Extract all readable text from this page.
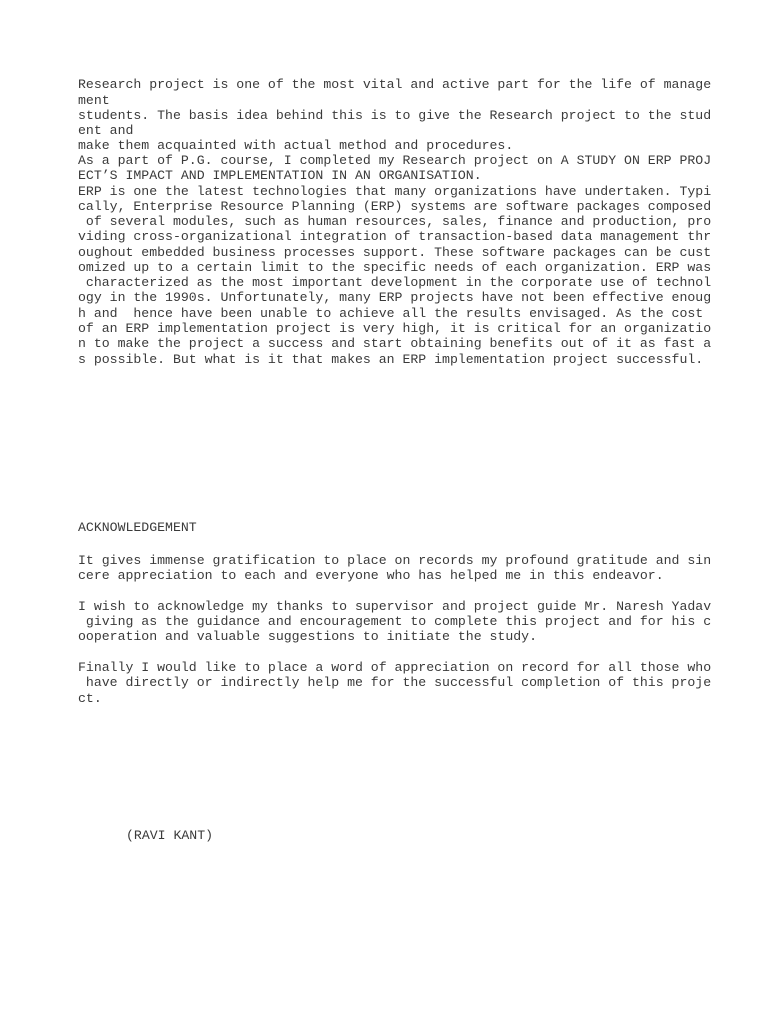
Research project is one of the most vital and active part for the life of manage

ment

students. The basis idea behind this is to give the Research project to the stud

ent and

make them acquainted with actual method and procedures.

As a part of P.G. course, I completed my Research project on A STUDY ON ERP PROJ

ECT’S IMPACT AND IMPLEMENTATION IN AN ORGANISATION.

ERP is one the latest technologies that many organizations have undertaken. Typi

cally, Enterprise Resource Planning (ERP) systems are software packages composed

of several modules, such as human resources, sales, finance and production, pro

viding cross-organizational integration of transaction-based data management thr

oughout embedded business processes support. These software packages can be cust

omized up to a certain limit to the specific needs of each organization. ERP was

characterized as the most important development in the corporate use of technol

ogy in the 1990s. Unfortunately, many ERP projects have not been effective enoug

h and  hence have been unable to achieve all the results envisaged. As the cost

of an ERP implementation project is very high, it is critical for an organizatio

n to make the project a success and start obtaining benefits out of it as fast a

s possible. But what is it that makes an ERP implementation project successful.

ACKNOWLEDGEMENT

It gives immense gratification to place on records my profound gratitude and sin

cere appreciation to each and everyone who has helped me in this endeavor.

I wish to acknowledge my thanks to supervisor and project guide Mr. Naresh Yadav

giving as the guidance and encouragement to complete this project and for his c

ooperation and valuable suggestions to initiate the study.

Finally I would like to place a word of appreciation on record for all those who

have directly or indirectly help me for the successful completion of this proje

ct.

(RAVI KANT)
